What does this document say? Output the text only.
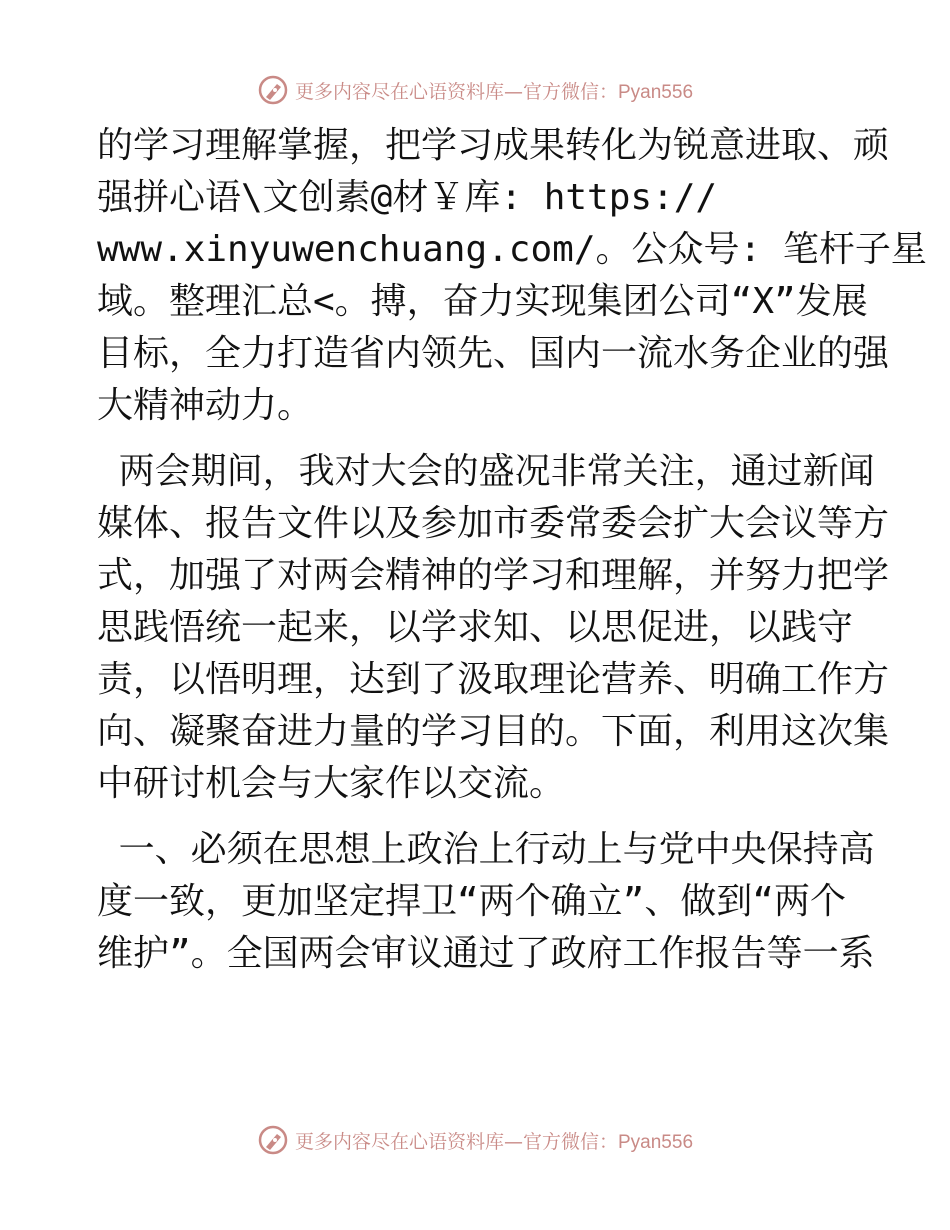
更多内容尽在心语资料库—官方微信：Pyan556
的学习理解掌握，把学习成果转化为锐意进取、顽
强拼心语\文创素@材￥库: https://
www.xinyuwenchuang.com/。公众号: 笔杆子星
域。整理汇总<。搏，奋力实现集团公司“X”发展
目标，全力打造省内领先、国内一流水务企业的强
大精神动力。
两会期间，我对大会的盛况非常关注，通过新闻
媒体、报告文件以及参加市委常委会扩大会议等方
式，加强了对两会精神的学习和理解，并努力把学
思践悟统一起来，以学求知、以思促进，以践守
责，以悟明理，达到了汲取理论营养、明确工作方
向、凝聚奋进力量的学习目的。下面，利用这次集
中研讨机会与大家作以交流。
一、必须在思想上政治上行动上与党中央保持高
度一致，更加坚定捍卫“两个确立”、做到“两个
维护”。全国两会审议通过了政府工作报告等一系
更多内容尽在心语资料库—官方微信：Pyan556
